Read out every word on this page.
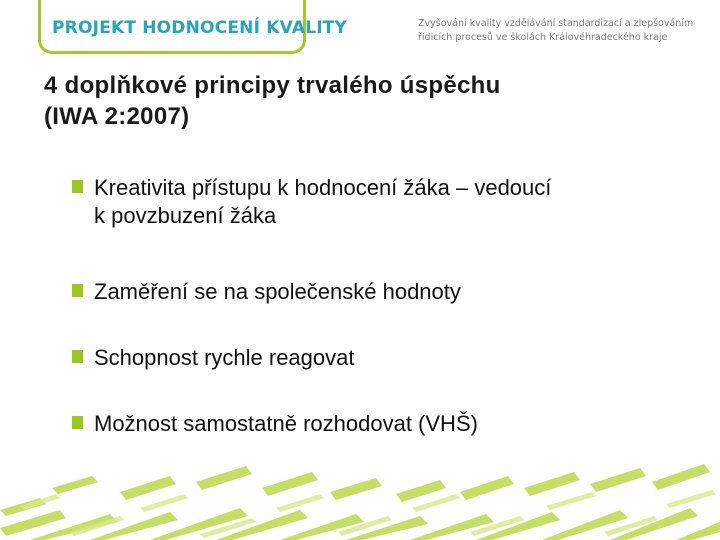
PROJEKT HODNOCENÍ KVALITY	Zvyšování kvality vzdělávání standardizací a zlepšováním řídicích procesů ve školách Královéhradeckého kraje
4 doplňkové principy trvalého úspěchu
(IWA 2:2007)
Kreativita přístupu k hodnocení žáka – vedoucí
k povzbuzení žáka
Zaměření se na společenské hodnoty
Schopnost rychle reagovat
Možnost samostatně rozhodovat (VHŠ)
